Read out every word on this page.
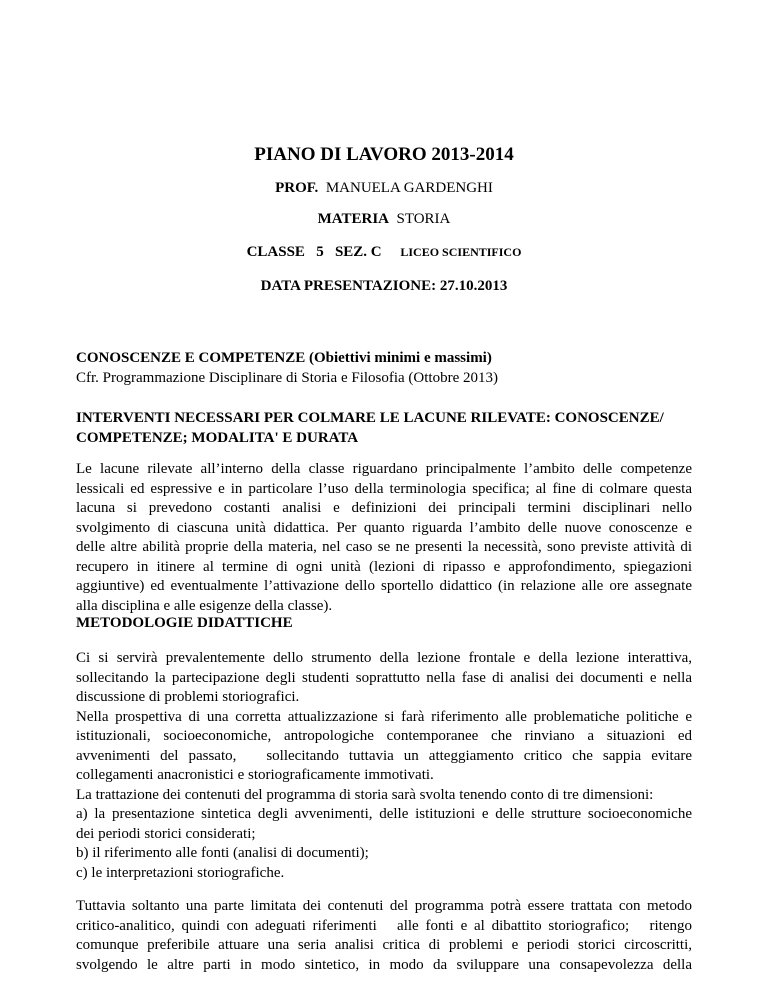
PIANO DI LAVORO 2013-2014
PROF. MANUELA GARDENGHI
MATERIA STORIA
CLASSE   5   SEZ. C LICEO SCIENTIFICO
DATA PRESENTAZIONE: 27.10.2013
CONOSCENZE E COMPETENZE (Obiettivi minimi e massimi)
Cfr. Programmazione Disciplinare di Storia e Filosofia (Ottobre 2013)
INTERVENTI NECESSARI PER COLMARE LE LACUNE RILEVATE: CONOSCENZE/
COMPETENZE; MODALITA' E DURATA
Le lacune rilevate all’interno della classe riguardano principalmente l’ambito delle competenze
lessicali ed espressive e in particolare l’uso della terminologia specifica; al fine di colmare questa
lacuna si prevedono costanti analisi e definizioni dei principali termini disciplinari nello
svolgimento di ciascuna unità didattica. Per quanto riguarda l’ambito delle nuove conoscenze e
delle altre abilità proprie della materia, nel caso se ne presenti la necessità, sono previste attività di
recupero in itinere al termine di ogni unità (lezioni di ripasso e approfondimento, spiegazioni
aggiuntive) ed eventualmente l’attivazione dello sportello didattico (in relazione alle ore assegnate
alla disciplina e alle esigenze della classe).
METODOLOGIE DIDATTICHE
Ci si servirà prevalentemente dello strumento della lezione frontale e della lezione interattiva,
sollecitando la partecipazione degli studenti soprattutto nella fase di analisi dei documenti e nella
discussione di problemi storiografici.
Nella prospettiva di una corretta attualizzazione si farà riferimento alle problematiche politiche e
istituzionali, socioeconomiche, antropologiche contemporanee che rinviano a situazioni ed
avvenimenti del passato,   sollecitando tuttavia un atteggiamento critico che sappia evitare
collegamenti anacronistici e storiograficamente immotivati.
La trattazione dei contenuti del programma di storia sarà svolta tenendo conto di tre dimensioni:
a) la presentazione sintetica degli avvenimenti, delle istituzioni e delle strutture socioeconomiche
dei periodi storici considerati;
b) il riferimento alle fonti (analisi di documenti);
c) le interpretazioni storiografiche.
Tuttavia soltanto una parte limitata dei contenuti del programma potrà essere trattata con metodo
critico-analitico, quindi con adeguati riferimenti   alle fonti e al dibattito storiografico;   ritengo
comunque preferibile attuare una seria analisi critica di problemi e periodi storici circoscritti,
svolgendo le altre parti in modo sintetico, in modo da sviluppare una consapevolezza della
